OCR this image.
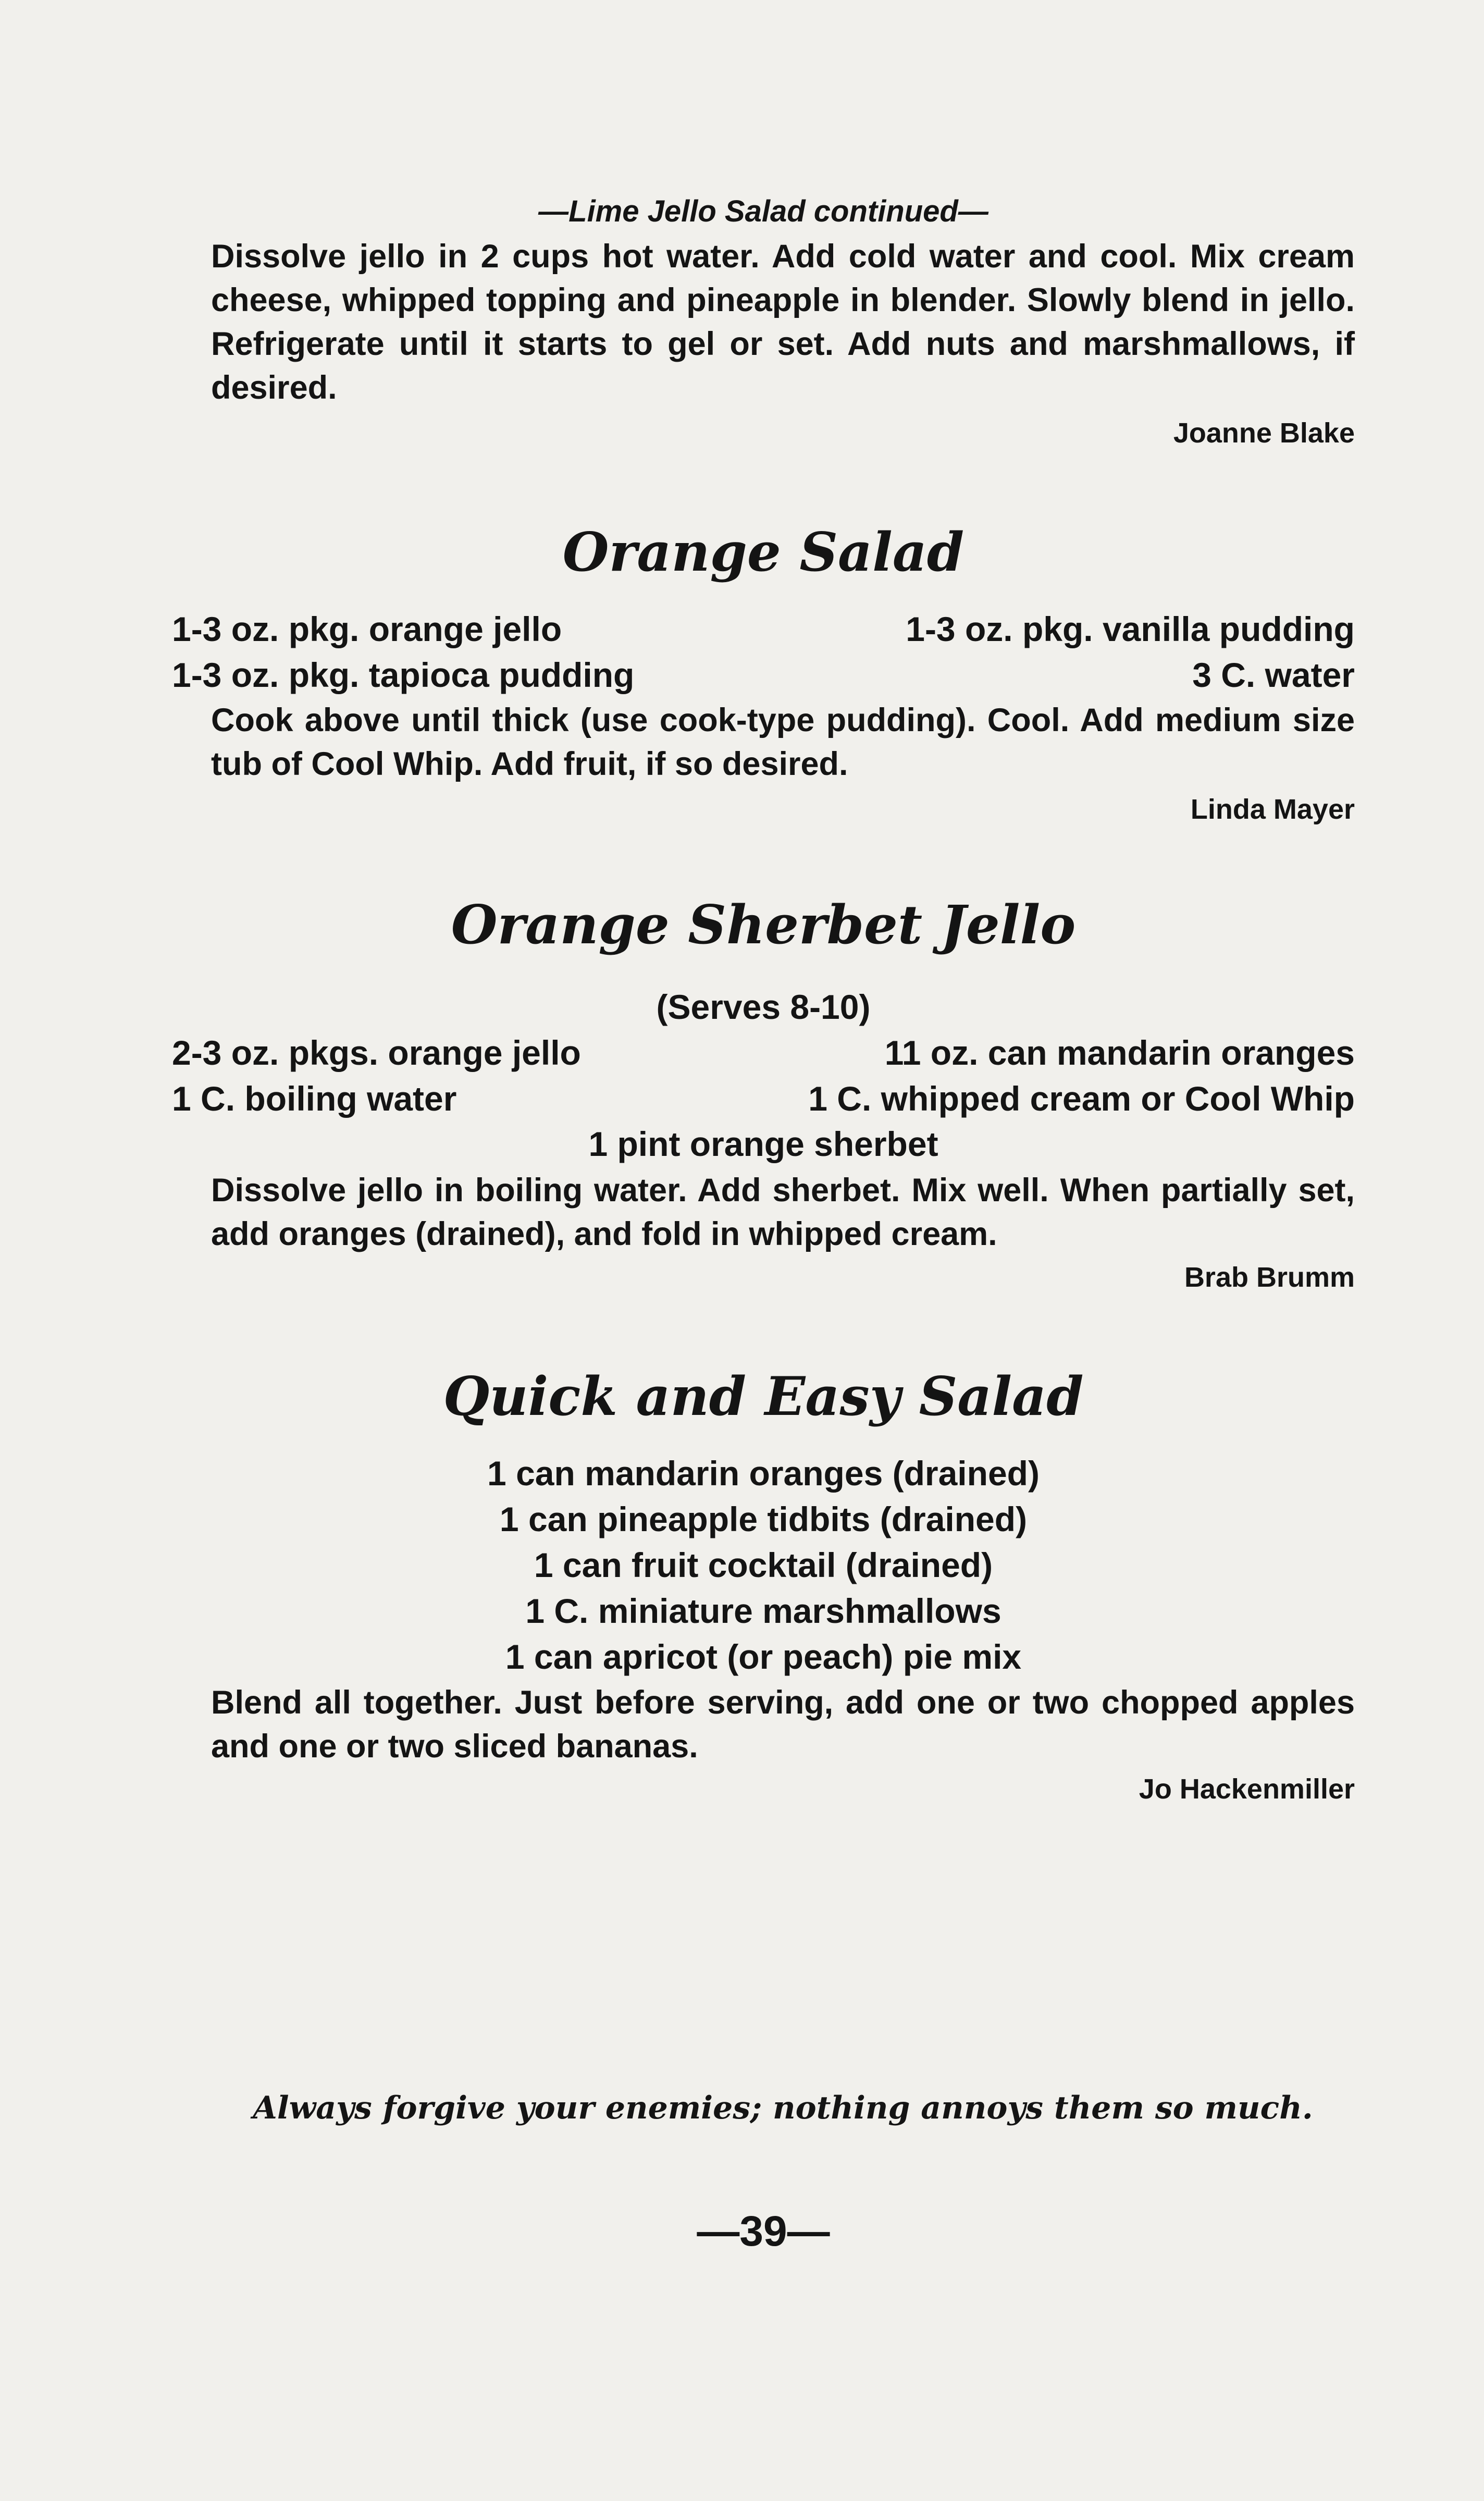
—Lime Jello Salad continued—

Dissolve jello in 2 cups hot water. Add cold water and cool. Mix cream cheese, whipped topping and pineapple in blender. Slowly blend in jello. Refrigerate until it starts to gel or set. Add nuts and marshmallows, if desired.

Joanne Blake
Orange Salad
1-3 oz. pkg. orange jello	1-3 oz. pkg. vanilla pudding
1-3 oz. pkg. tapioca pudding	3 C. water

Cook above until thick (use cook-type pudding). Cool. Add medium size tub of Cool Whip. Add fruit, if so desired.

Linda Mayer
Orange Sherbet Jello
(Serves 8-10)
2-3 oz. pkgs. orange jello	11 oz. can mandarin oranges
1 C. boiling water	1 C. whipped cream or Cool Whip
1 pint orange sherbet

Dissolve jello in boiling water. Add sherbet. Mix well. When partially set, add oranges (drained), and fold in whipped cream.

Brab Brumm
Quick and Easy Salad
1 can mandarin oranges (drained)
1 can pineapple tidbits (drained)
1 can fruit cocktail (drained)
1 C. miniature marshmallows
1 can apricot (or peach) pie mix

Blend all together. Just before serving, add one or two chopped apples and one or two sliced bananas.

Jo Hackenmiller
Always forgive your enemies; nothing annoys them so much.
—39—
